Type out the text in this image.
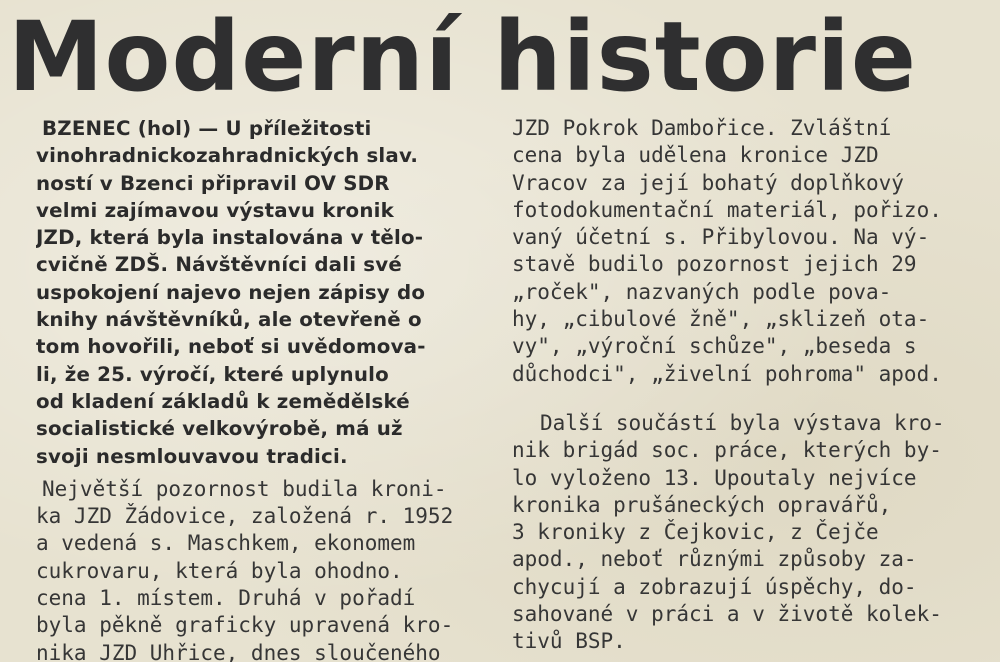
Moderní historie
BZENEC (hol) — U příležitosti
vinohradnickozahradnických slav.
ností v Bzenci připravil OV SDR
velmi zajímavou výstavu kronik
JZD, která byla instalována v tělo-
cvičně ZDŠ. Návštěvníci dali své
uspokojení najevo nejen zápisy do
knihy návštěvníků, ale otevřeně o
tom hovořili, neboť si uvědomova-
li, že 25. výročí, které uplynulo
od kladení základů k zemědělské
socialistické velkovýrobě, má už
svoji nesmlouvavou tradici.
Největší pozornost budila kroni-
ka JZD Žádovice, založená r. 1952
a vedená s. Maschkem, ekonomem
cukrovaru, která byla ohodno.
cena 1. místem. Druhá v pořadí
byla pěkně graficky upravená kro-
nika JZD Uhřice, dnes sloučeného
JZD Pokrok Dambořice. Zvláštní
cena byla udělena kronice JZD
Vracov za její bohatý doplňkový
fotodokumentační materiál, pořizo.
vaný účetní s. Přibylovou. Na vý-
stavě budilo pozornost jejich 29
„roček", nazvaných podle pova-
hy, „cibulové žně", „sklizeň ota-
vy", „výroční schůze", „beseda s
důchodci", „živelní pohroma" apod.
Další součástí byla výstava kro-
nik brigád soc. práce, kterých by-
lo vyloženo 13. Upoutaly nejvíce
kronika prušáneckých opravářů,
3 kroniky z Čejkovic, z Čejče
apod., neboť různými způsoby za-
chycují a zobrazují úspěchy, do-
sahované v práci a v životě kolek-
tivů BSP.
